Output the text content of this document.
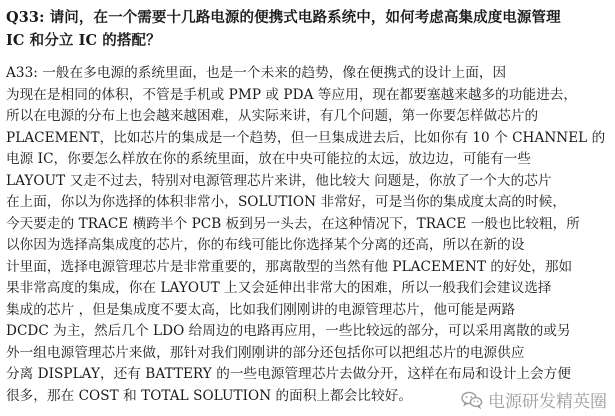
Q33: 请问，在一个需要十几路电源的便携式电路系统中，如何考虑高集成度电源管理
IC 和分立 IC 的搭配？
A33: 一般在多电源的系统里面，也是一个未来的趋势，像在便携式的设计上面，因
为现在是相同的体积，不管是手机或 PMP 或 PDA 等应用，现在都要塞越来越多的功能进去，
所以在电源的分布上也会越来越困难，从实际来讲，有几个问题，第一你要怎样做芯片的
PLACEMENT，比如芯片的集成是一个趋势，但一旦集成进去后，比如你有 10 个 CHANNEL 的
电源 IC，你要怎么样放在你的系统里面，放在中央可能拉的太远，放边边，可能有一些
LAYOUT 又走不过去，特别对电源管理芯片来讲，他比较大 问题是，你放了一个大的芯片
在上面，你以为你选择的体积非常小，SOLUTION 非常好，可是当你的集成度太高的时候，
今天要走的 TRACE 横跨半个 PCB 板到另一头去，在这种情况下，TRACE 一般也比较粗，所
以你因为选择高集成度的芯片，你的布线可能比你选择某个分离的还高，所以在新的设
计里面，选择电源管理芯片是非常重要的，那离散型的当然有他 PLACEMENT 的好处，那如
果非常高度的集成，你在 LAYOUT 上又会延伸出非常大的困难，所以一般我们会建议选择
集成的芯片 ，但是集成度不要太高，比如我们刚刚讲的电源管理芯片，他可能是两路
DCDC 为主，然后几个 LDO 给周边的电路再应用，一些比较远的部分，可以采用离散的或另
外一组电源管理芯片来做，那针对我们刚刚讲的部分还包括你可以把组芯片的电源供应
分离 DISPLAY，还有 BATTERY 的一些电源管理芯片去做分开，这样在布局和设计上会方便
很多，那在 COST 和 TOTAL SOLUTION 的面积上都会比较好。	电源研发精英圈
